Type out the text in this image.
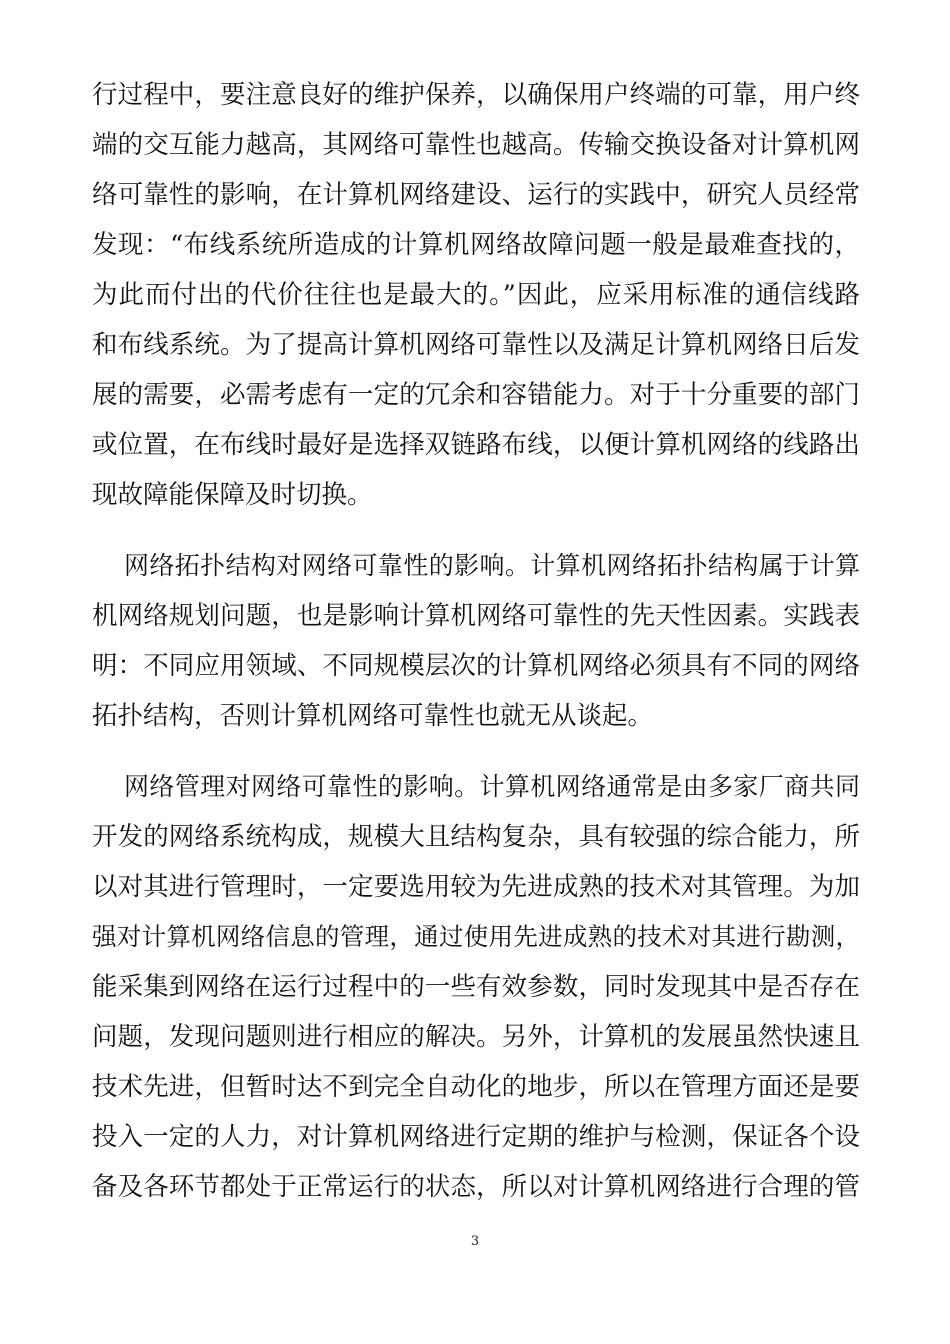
行过程中，要注意良好的维护保养，以确保用户终端的可靠，用户终
端的交互能力越高，其网络可靠性也越高。传输交换设备对计算机网
络可靠性的影响，在计算机网络建设、运行的实践中，研究人员经常
发现：“布线系统所造成的计算机网络故障问题一般是最难查找的，
为此而付出的代价往往也是最大的。”因此，应采用标准的通信线路
和布线系统。为了提高计算机网络可靠性以及满足计算机网络日后发
展的需要，必需考虑有一定的冗余和容错能力。对于十分重要的部门
或位置，在布线时最好是选择双链路布线，以便计算机网络的线路出
现故障能保障及时切换。
网络拓扑结构对网络可靠性的影响。计算机网络拓扑结构属于计算
机网络规划问题，也是影响计算机网络可靠性的先天性因素。实践表
明：不同应用领域、不同规模层次的计算机网络必须具有不同的网络
拓扑结构，否则计算机网络可靠性也就无从谈起。
网络管理对网络可靠性的影响。计算机网络通常是由多家厂商共同
开发的网络系统构成，规模大且结构复杂，具有较强的综合能力，所
以对其进行管理时，一定要选用较为先进成熟的技术对其管理。为加
强对计算机网络信息的管理，通过使用先进成熟的技术对其进行勘测，
能采集到网络在运行过程中的一些有效参数，同时发现其中是否存在
问题，发现问题则进行相应的解决。另外，计算机的发展虽然快速且
技术先进，但暂时达不到完全自动化的地步，所以在管理方面还是要
投入一定的人力，对计算机网络进行定期的维护与检测，保证各个设
备及各环节都处于正常运行的状态，所以对计算机网络进行合理的管
3
